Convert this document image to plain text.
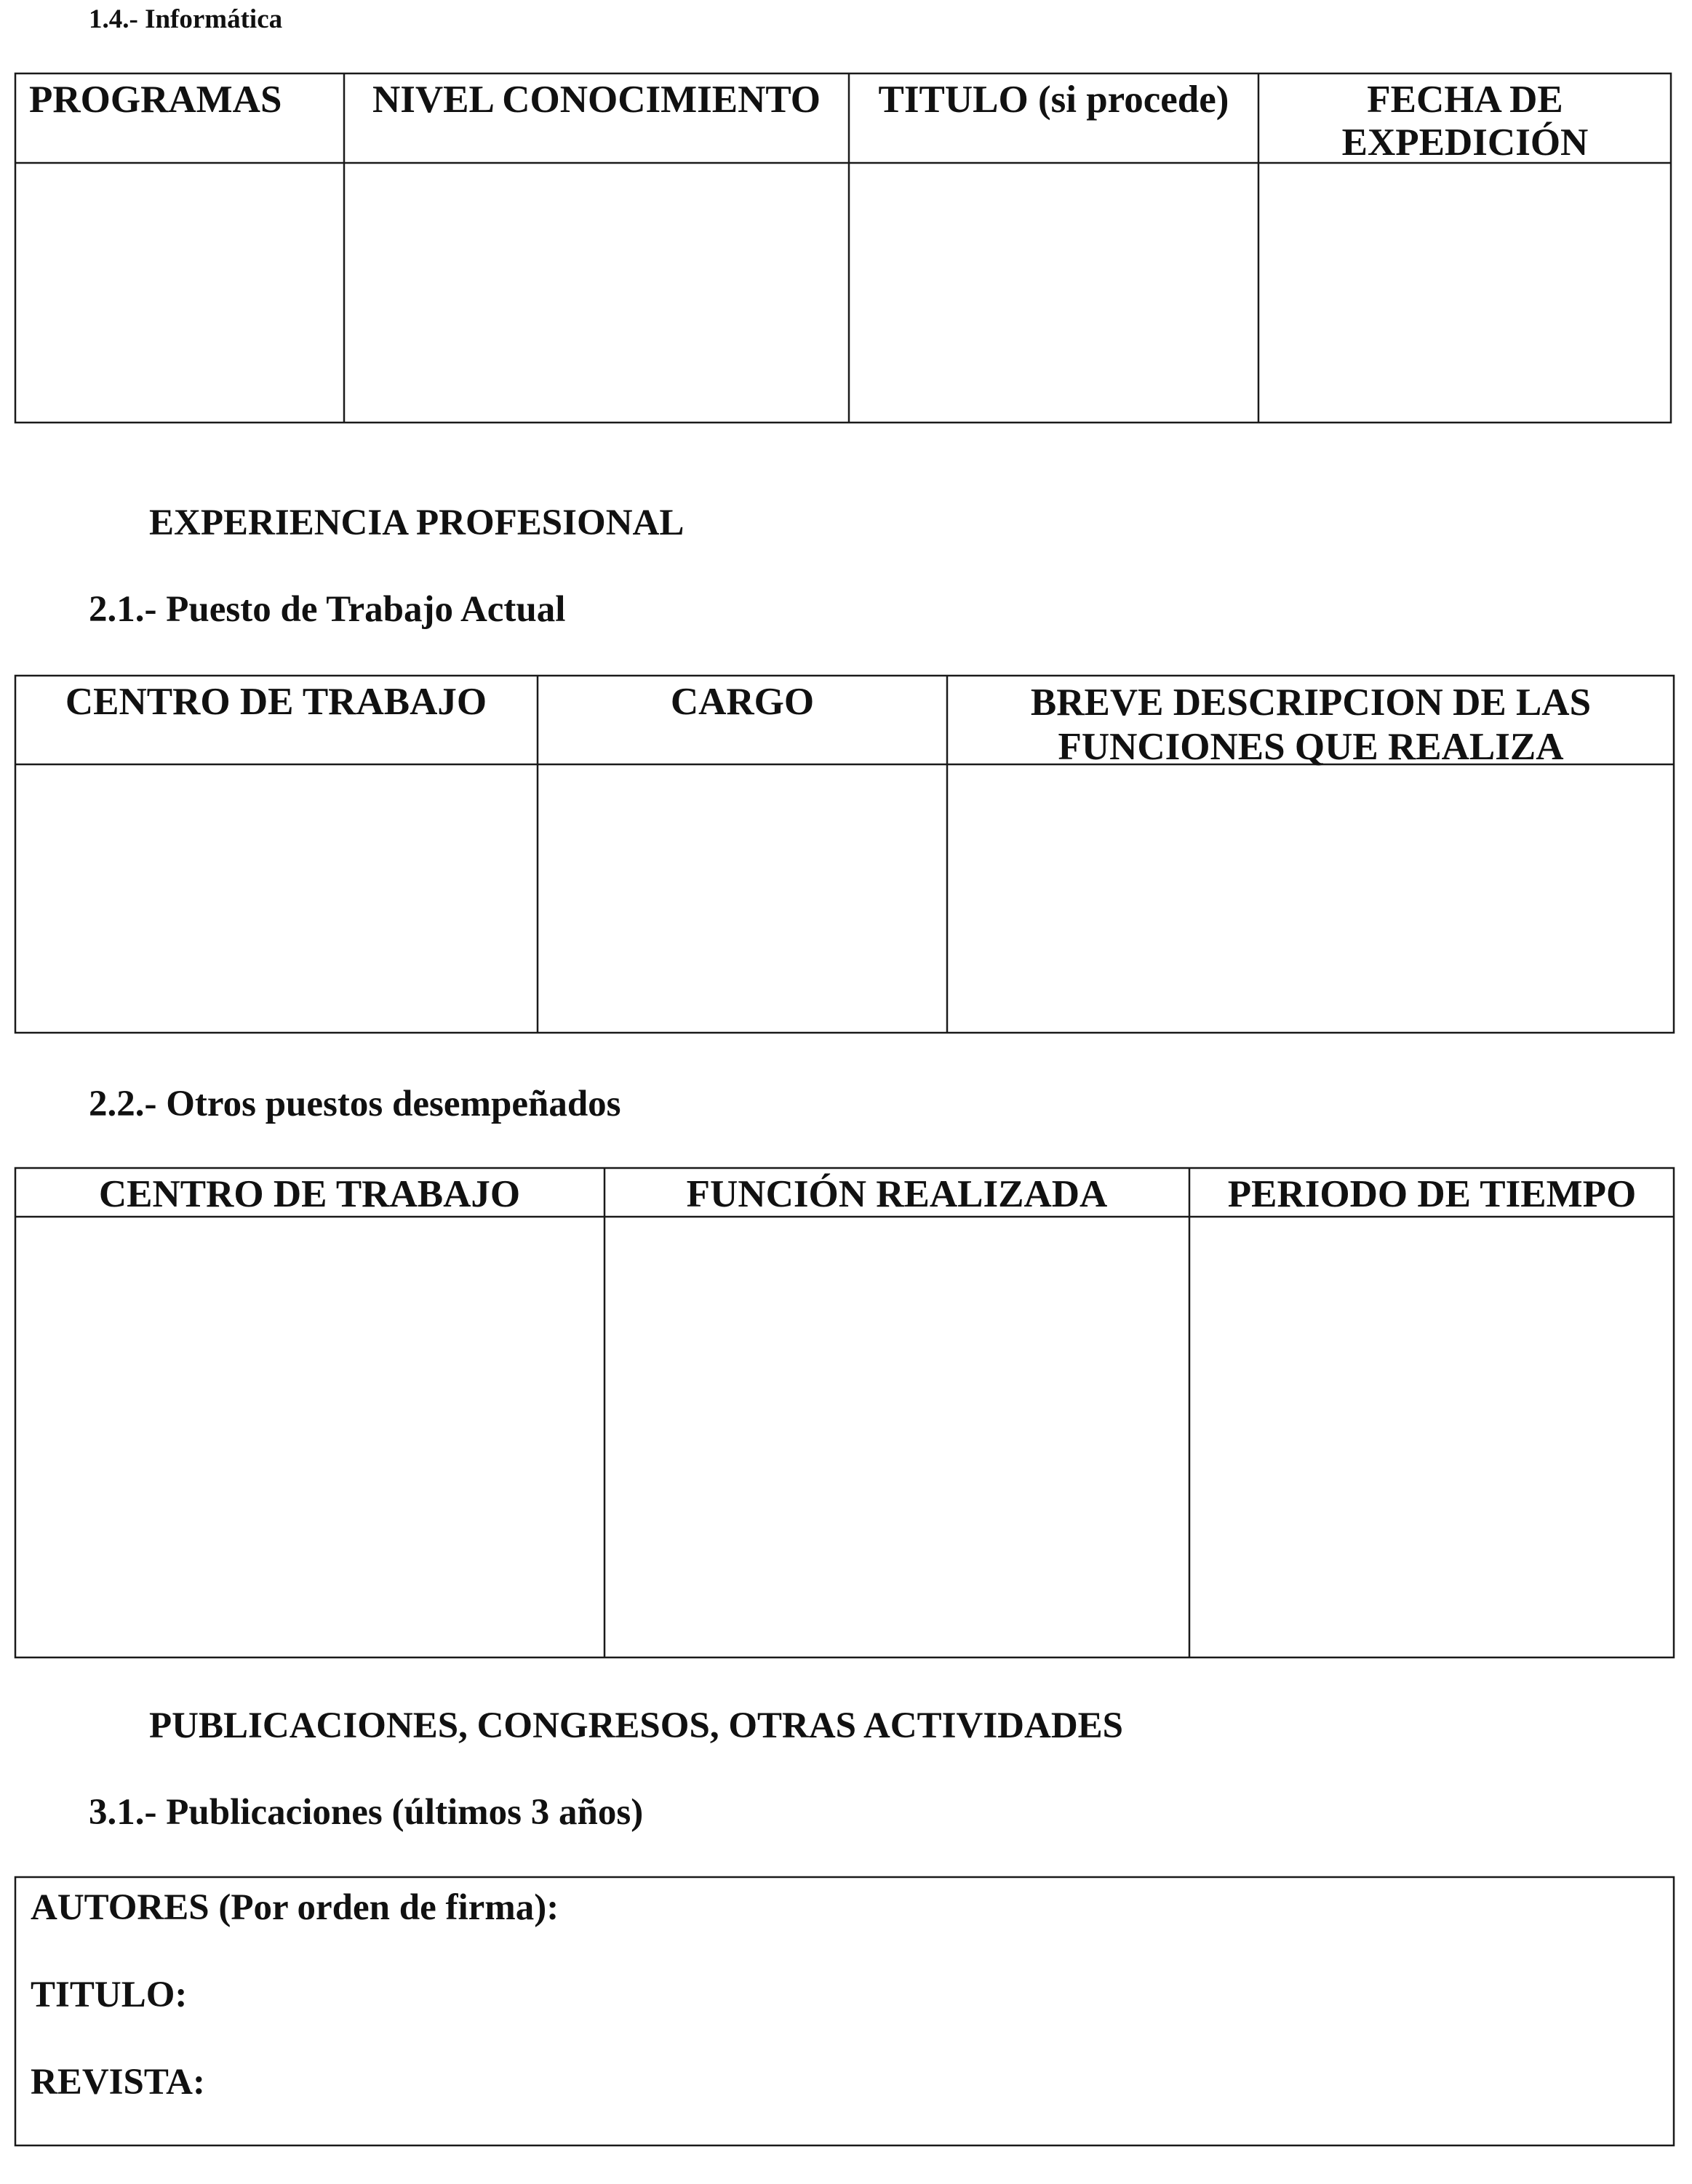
1.4.- Informática
PROGRAMAS	NIVEL CONOCIMIENTO	TITULO (si procede)	FECHA DE
EXPEDICIÓN
EXPERIENCIA PROFESIONAL
2.1.- Puesto de Trabajo Actual
CENTRO DE TRABAJO	CARGO	BREVE DESCRIPCION DE LAS
FUNCIONES QUE REALIZA
2.2.- Otros puestos desempeñados
CENTRO DE TRABAJO	FUNCIÓN REALIZADA	PERIODO DE TIEMPO
PUBLICACIONES, CONGRESOS, OTRAS ACTIVIDADES
3.1.- Publicaciones (últimos 3 años)
AUTORES (Por orden de firma):
TITULO:
REVISTA:
